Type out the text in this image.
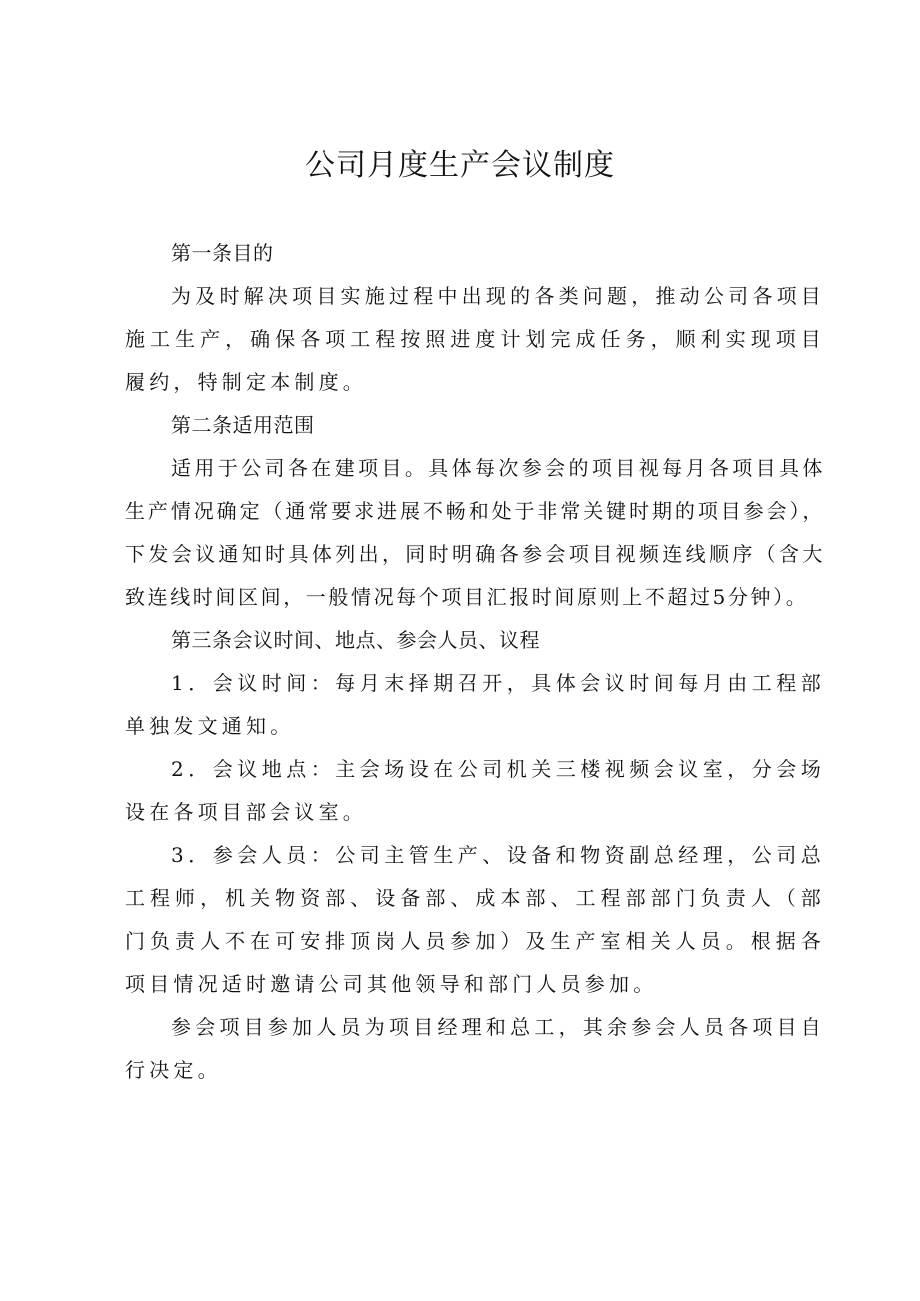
公司月度生产会议制度
第一条目的

为及时解决项目实施过程中出现的各类问题，推动公司各项目施工生产，确保各项工程按照进度计划完成任务，顺利实现项目履约，特制定本制度。

第二条适用范围

适用于公司各在建项目。具体每次参会的项目视每月各项目具体生产情况确定（通常要求进展不畅和处于非常关键时期的项目参会），下发会议通知时具体列出，同时明确各参会项目视频连线顺序（含大致连线时间区间，一般情况每个项目汇报时间原则上不超过5分钟）。

第三条会议时间、地点、参会人员、议程

1．会议时间：每月末择期召开，具体会议时间每月由工程部单独发文通知。

2．会议地点：主会场设在公司机关三楼视频会议室，分会场设在各项目部会议室。

3．参会人员：公司主管生产、设备和物资副总经理，公司总工程师，机关物资部、设备部、成本部、工程部部门负责人（部门负责人不在可安排顶岗人员参加）及生产室相关人员。根据各项目情况适时邀请公司其他领导和部门人员参加。

参会项目参加人员为项目经理和总工，其余参会人员各项目自行决定。
